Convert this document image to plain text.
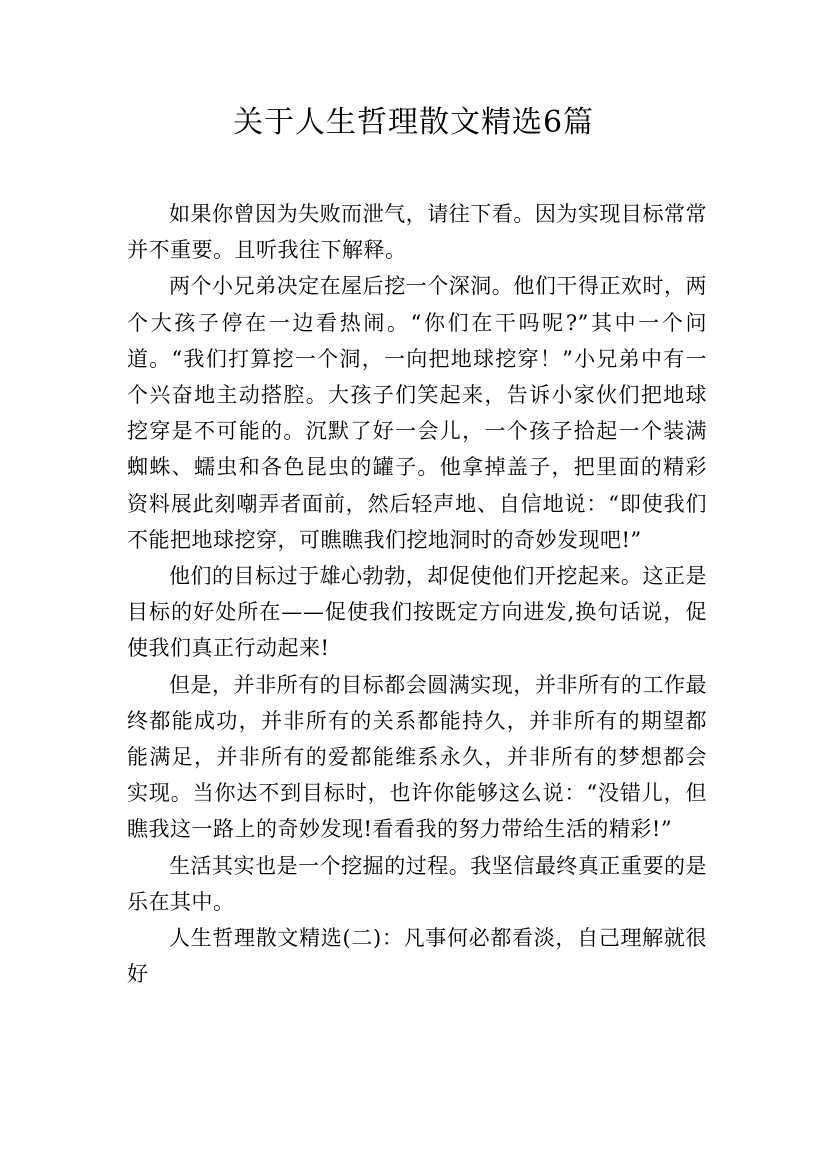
关于人生哲理散文精选6篇

如果你曾因为失败而泄气，请往下看。因为实现目标常常并不重要。且听我往下解释。

两个小兄弟决定在屋后挖一个深洞。他们干得正欢时，两个大孩子停在一边看热闹。“你们在干吗呢?”其中一个问道。“我们打算挖一个洞，一向把地球挖穿！”小兄弟中有一个兴奋地主动搭腔。大孩子们笑起来，告诉小家伙们把地球挖穿是不可能的。沉默了好一会儿，一个孩子拾起一个装满蜘蛛、蠕虫和各色昆虫的罐子。他拿掉盖子，把里面的精彩资料展此刻嘲弄者面前，然后轻声地、自信地说：“即使我们不能把地球挖穿，可瞧瞧我们挖地洞时的奇妙发现吧!”

他们的目标过于雄心勃勃，却促使他们开挖起来。这正是目标的好处所在——促使我们按既定方向进发,换句话说，促使我们真正行动起来!

但是，并非所有的目标都会圆满实现，并非所有的工作最终都能成功，并非所有的关系都能持久，并非所有的期望都能满足，并非所有的爱都能维系永久，并非所有的梦想都会实现。当你达不到目标时，也许你能够这么说：“没错儿，但瞧我这一路上的奇妙发现!看看我的努力带给生活的精彩!”

生活其实也是一个挖掘的过程。我坚信最终真正重要的是乐在其中。

人生哲理散文精选(二)：凡事何必都看淡，自己理解就很好
